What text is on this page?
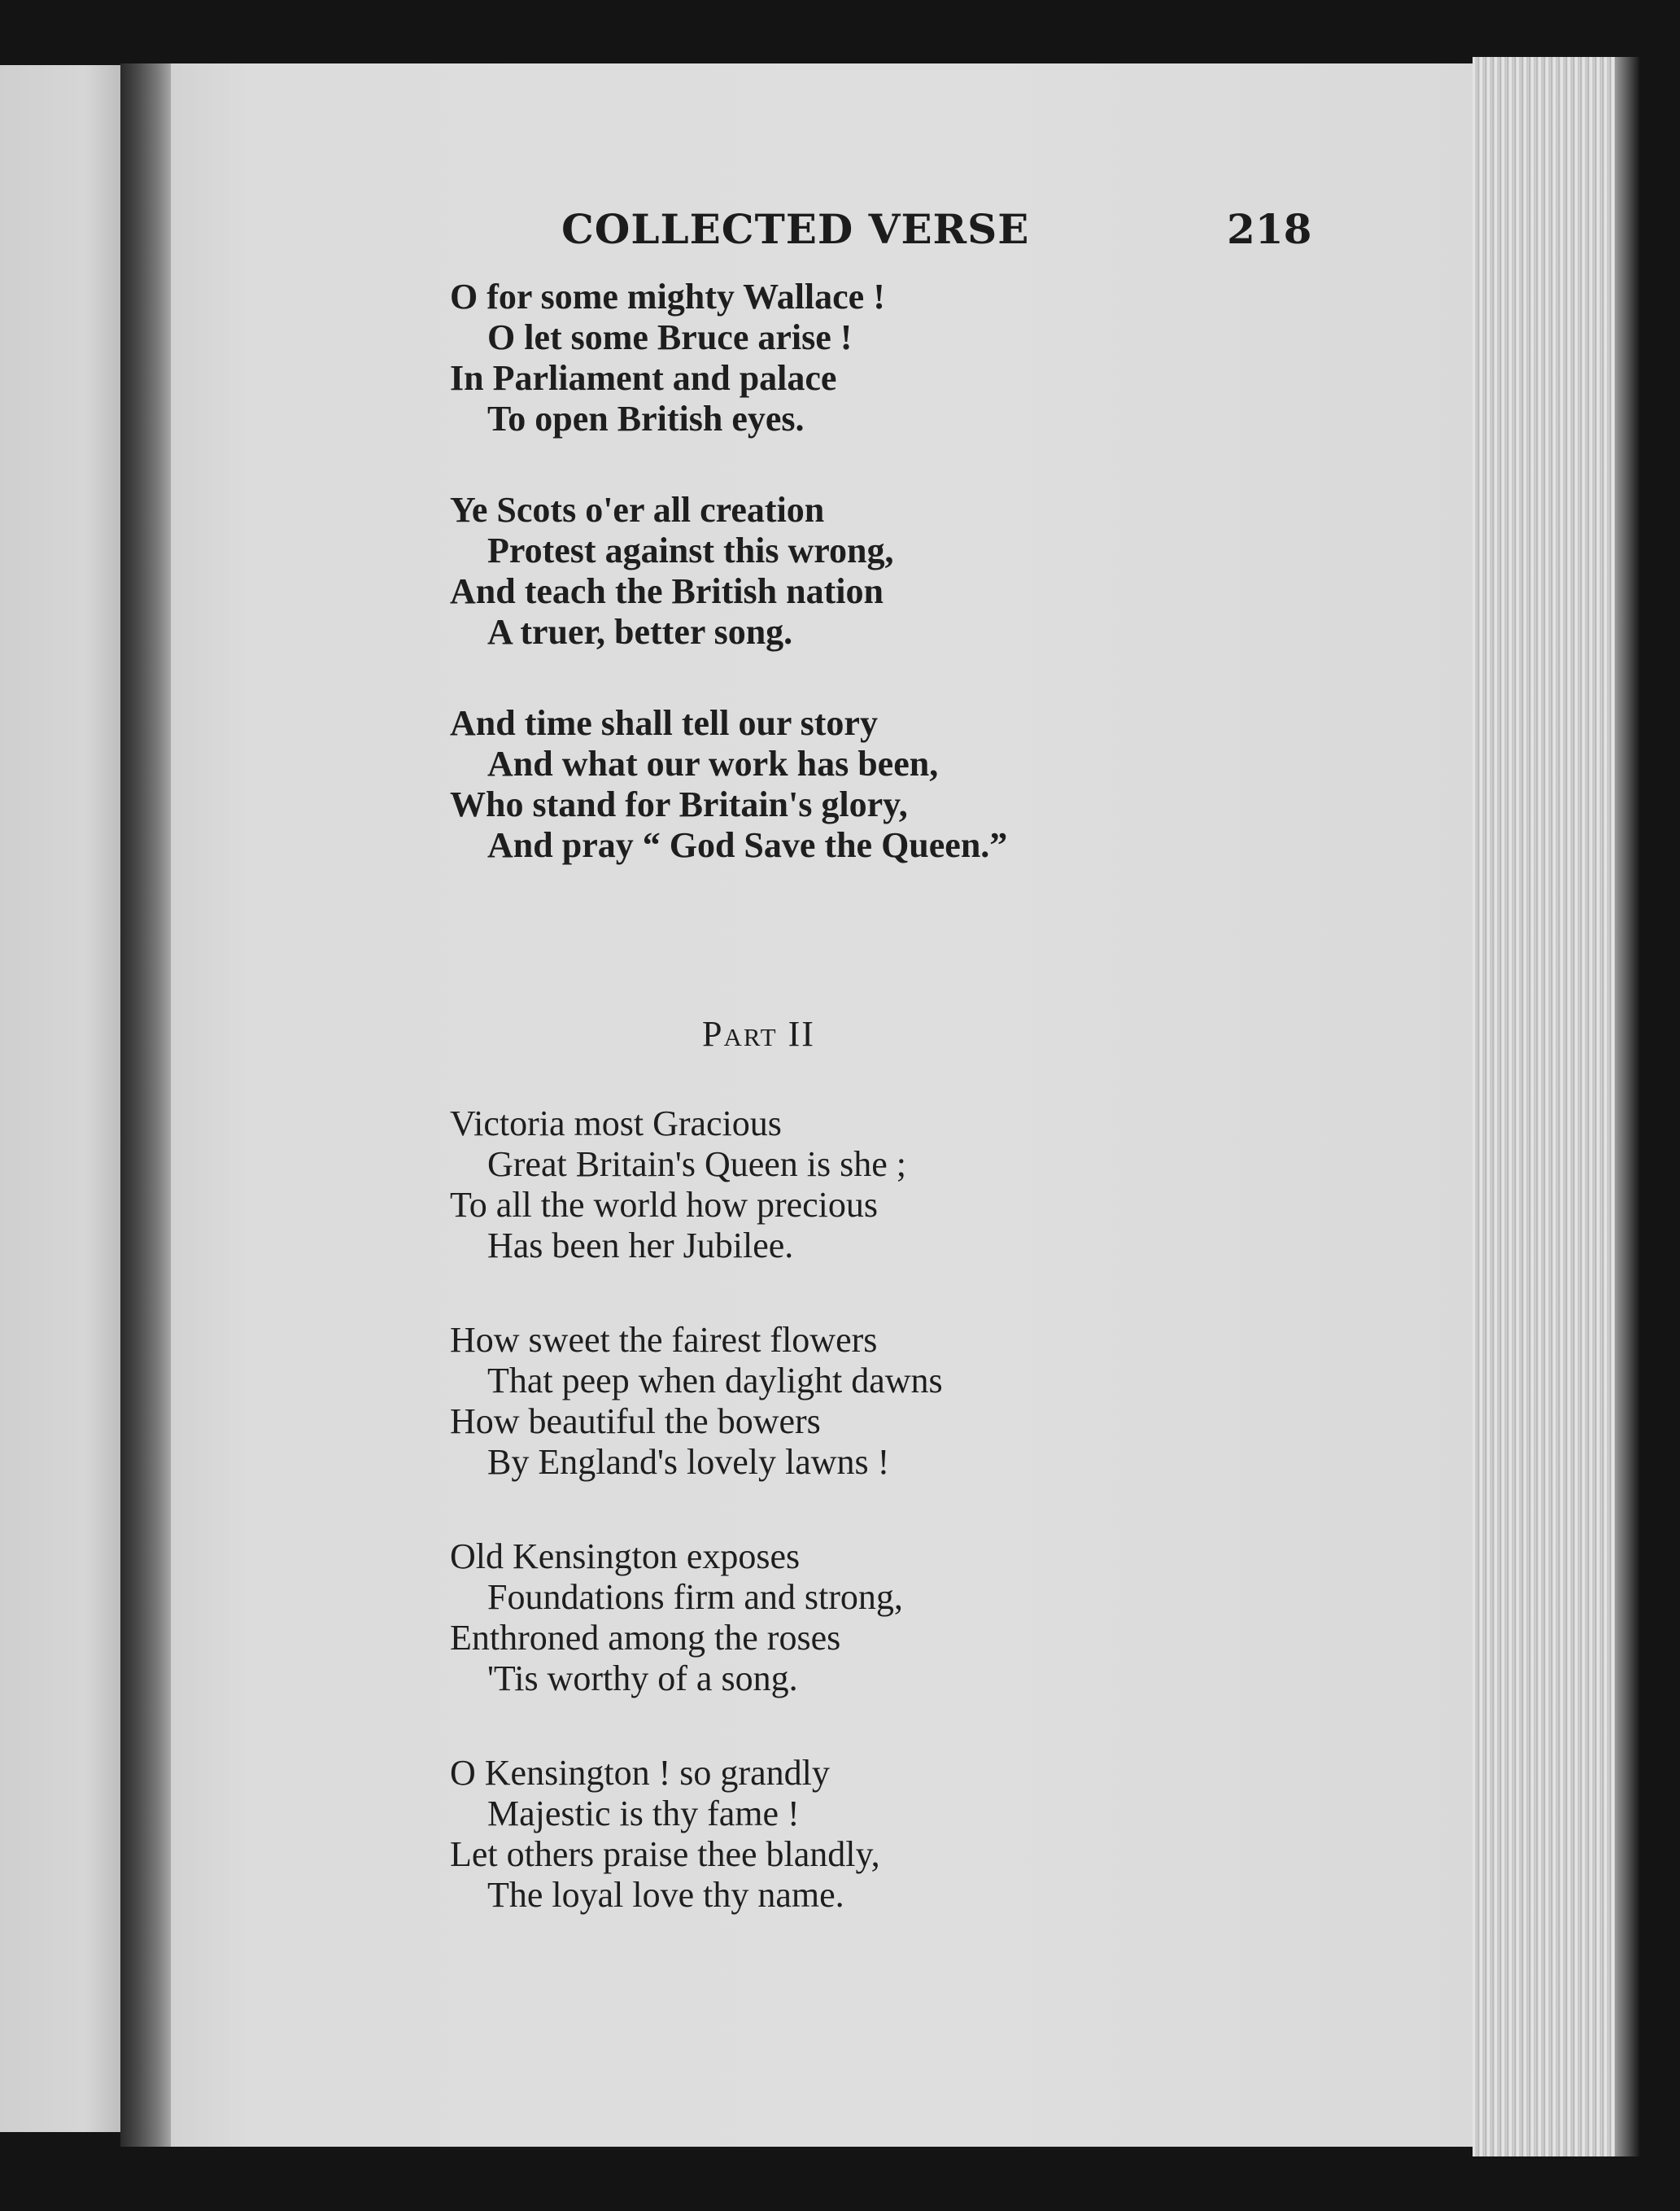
COLLECTED VERSE	218
O for some mighty Wallace !
O let some Bruce arise !
In Parliament and palace
To open British eyes.
Ye Scots o'er all creation
Protest against this wrong,
And teach the British nation
A truer, better song.
And time shall tell our story
And what our work has been,
Who stand for Britain's glory,
And pray “ God Save the Queen.”
Part II
Victoria most Gracious
Great Britain's Queen is she ;
To all the world how precious
Has been her Jubilee.
How sweet the fairest flowers
That peep when daylight dawns
How beautiful the bowers
By England's lovely lawns !
Old Kensington exposes
Foundations firm and strong,
Enthroned among the roses
'Tis worthy of a song.
O Kensington ! so grandly
Majestic is thy fame !
Let others praise thee blandly,
The loyal love thy name.
